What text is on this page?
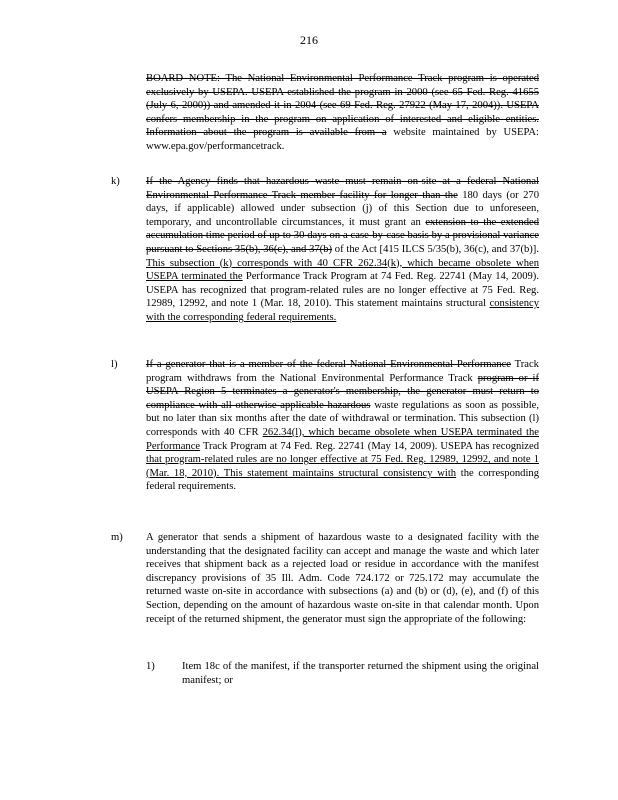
216
BOARD NOTE: The National Environmental Performance Track program is operated exclusively by USEPA. USEPA established the program in 2000 (see 65 Fed. Reg. 41655 (July 6, 2000)) and amended it in 2004 (see 69 Fed. Reg. 27922 (May 17, 2004)). USEPA confers membership in the program on application of interested and eligible entities. Information about the program is available from a website maintained by USEPA: www.epa.gov/performancetrack.
k) If the Agency finds that hazardous waste must remain on-site at a federal National Environmental Performance Track member facility for longer than the 180 days (or 270 days, if applicable) allowed under subsection (j) of this Section due to unforeseen, temporary, and uncontrollable circumstances, it must grant an extension to the extended accumulation time period of up to 30 days on a case-by-case basis by a provisional variance pursuant to Sections 35(b), 36(c), and 37(b) of the Act [415 ILCS 5/35(b), 36(c), and 37(b)]. This subsection (k) corresponds with 40 CFR 262.34(k), which became obsolete when USEPA terminated the Performance Track Program at 74 Fed. Reg. 22741 (May 14, 2009). USEPA has recognized that program-related rules are no longer effective at 75 Fed. Reg. 12989, 12992, and note 1 (Mar. 18, 2010). This statement maintains structural consistency with the corresponding federal requirements.
l)	If a generator that is a member of the federal National Environmental Performance Track program withdraws from the National Environmental Performance Track program or if USEPA Region 5 terminates a generator's membership, the generator must return to compliance with all otherwise applicable hazardous waste regulations as soon as possible, but no later than six months after the date of withdrawal or termination. This subsection (l) corresponds with 40 CFR 262.34(l), which became obsolete when USEPA terminated the Performance Track Program at 74 Fed. Reg. 22741 (May 14, 2009). USEPA has recognized that program-related rules are no longer effective at 75 Fed. Reg. 12989, 12992, and note 1 (Mar. 18, 2010). This statement maintains structural consistency with the corresponding federal requirements.
m) A generator that sends a shipment of hazardous waste to a designated facility with the understanding that the designated facility can accept and manage the waste and which later receives that shipment back as a rejected load or residue in accordance with the manifest discrepancy provisions of 35 Ill. Adm. Code 724.172 or 725.172 may accumulate the returned waste on-site in accordance with subsections (a) and (b) or (d), (e), and (f) of this Section, depending on the amount of hazardous waste on-site in that calendar month. Upon receipt of the returned shipment, the generator must sign the appropriate of the following:
1)	Item 18c of the manifest, if the transporter returned the shipment using the original manifest; or
